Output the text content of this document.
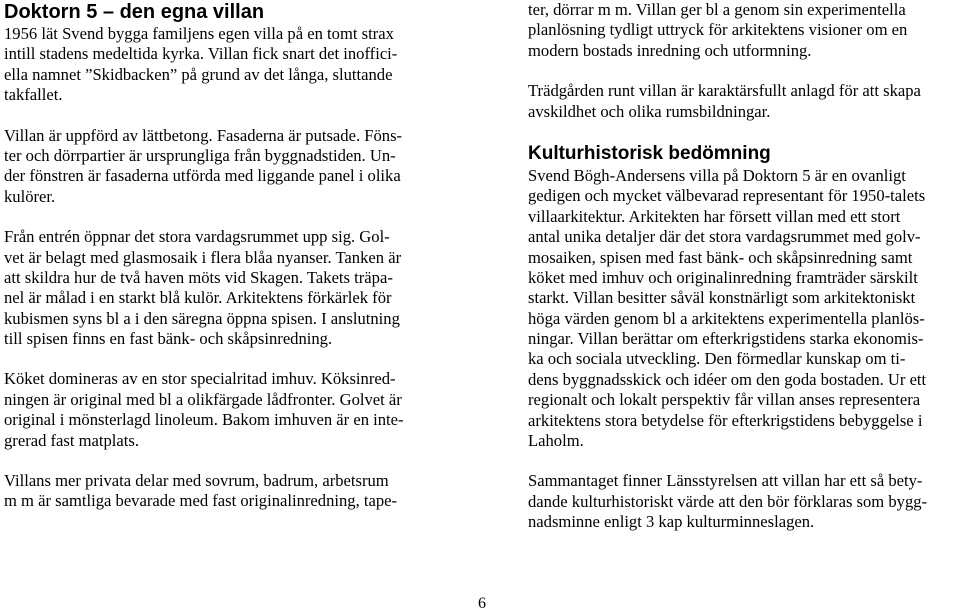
Doktorn 5 – den egna villan
1956 lät Svend bygga familjens egen villa på en tomt strax
intill stadens medeltida kyrka. Villan fick snart det inoffici-
ella namnet ”Skidbacken” på grund av det långa, sluttande
takfallet.
Villan är uppförd av lättbetong. Fasaderna är putsade. Föns-
ter och dörrpartier är ursprungliga från byggnadstiden. Un-
der fönstren är fasaderna utförda med liggande panel i olika
kulörer.
Från entrén öppnar det stora vardagsrummet upp sig. Gol-
vet är belagt med glasmosaik i flera blåa nyanser. Tanken är
att skildra hur de två haven möts vid Skagen. Takets träpa-
nel är målad i en starkt blå kulör. Arkitektens förkärlek för
kubismen syns bl a i den säregna öppna spisen. I anslutning
till spisen finns en fast bänk- och skåpsinredning.
Köket domineras av en stor specialritad imhuv. Köksinred-
ningen är original med bl a olikfärgade lådfronter. Golvet är
original i mönsterlagd linoleum. Bakom imhuven är en inte-
grerad fast matplats.
Villans mer privata delar med sovrum, badrum, arbetsrum
m m är samtliga bevarade med fast originalinredning, tape-
ter, dörrar m m. Villan ger bl a genom sin experimentella
planlösning tydligt uttryck för arkitektens visioner om en
modern bostads inredning och utformning.
Trädgården runt villan är karaktärsfullt anlagd för att skapa
avskildhet och olika rumsbildningar.
Kulturhistorisk bedömning
Svend Bögh-Andersens villa på Doktorn 5 är en ovanligt
gedigen och mycket välbevarad representant för 1950-talets
villaarkitektur. Arkitekten har försett villan med ett stort
antal unika detaljer där det stora vardagsrummet med golv-
mosaiken, spisen med fast bänk- och skåpsinredning samt
köket med imhuv och originalinredning framträder särskilt
starkt. Villan besitter såväl konstnärligt som arkitektoniskt
höga värden genom bl a arkitektens experimentella planlös-
ningar. Villan berättar om efterkrigstidens starka ekonomis-
ka och sociala utveckling. Den förmedlar kunskap om ti-
dens byggnadsskick och idéer om den goda bostaden. Ur ett
regionalt och lokalt perspektiv får villan anses representera
arkitektens stora betydelse för efterkrigstidens bebyggelse i
Laholm.
Sammantaget finner Länsstyrelsen att villan har ett så bety-
dande kulturhistoriskt värde att den bör förklaras som bygg-
nadsminne enligt 3 kap kulturminneslagen.
6
